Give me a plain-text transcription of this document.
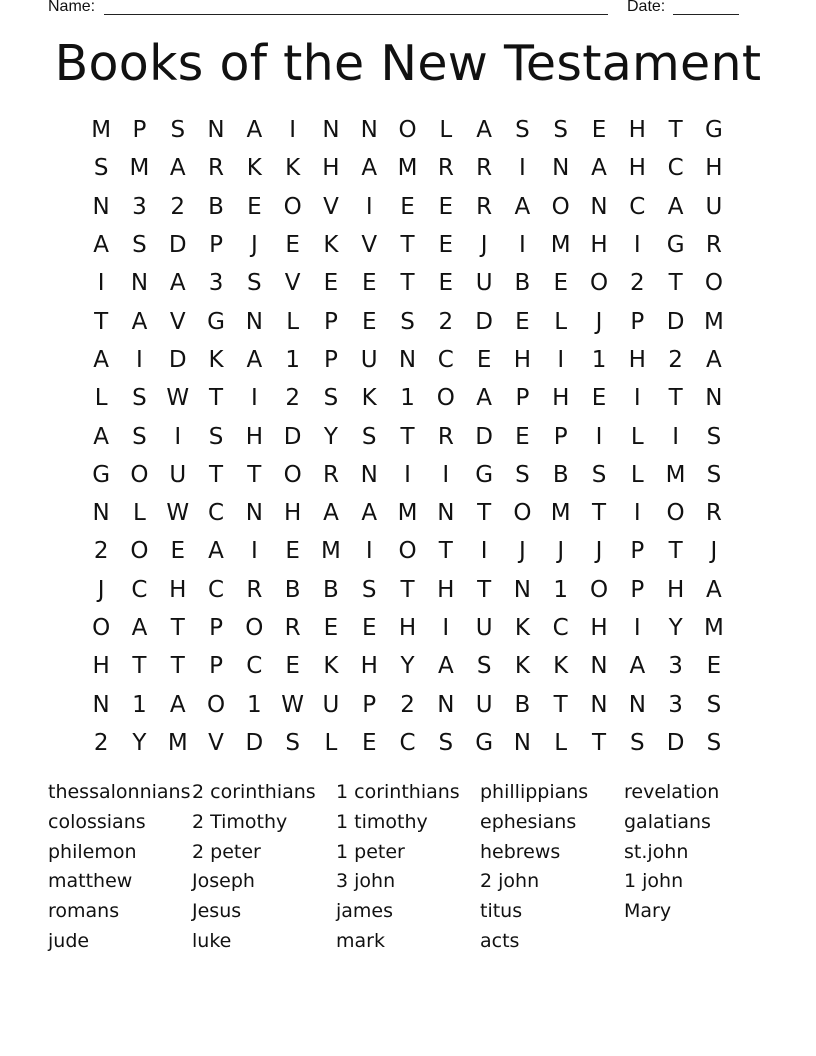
Name:	Date:
Books of the New Testament
M P	S N A	I	N N O L	A	S	S	E H T G
S M A R K	K H A M R R	I	N A H C H
N 3	2	B	E O V	I	E	E	R A O N C A U
A	S D P	J	E	K V	T	E	J	I	M H	I	G R
I	N A	3	S	V	E	E	T	E U B	E O 2	T O
T	A V G N	L	P	E	S	2 D E	L	J	P D M
A	I	D K A	1	P U N C	E H	I	1 H 2	A
L	S W T	I	2	S	K	1 O A	P H E	I	T N
A	S	I	S H D Y	S	T	R D E	P	I	L	I	S
G O U T	T O R N	I	I	G S	B	S	L M S
N	L W C N H A A M N T O M T	I	O R
2 O E	A	I	E M	I	O T	I	J	J	J	P	T	J
J	C H C R B B	S	T H T N 1 O P H A
O A	T	P O R	E	E H	I	U K C H	I	Y M
H T	T	P	C	E	K H Y	A	S	K	K N A	3	E
N 1	A O 1 W U P	2 N U B	T N N 3	S
2	Y M V D S	L	E C S G N	L	T	S D S
thessalonnians 2 corinthians	1 corinthians	phillippians	revelation
colossians	2 Timothy	1 timothy	ephesians	galatians
philemon	2 peter	1 peter	hebrews	st.john
matthew	Joseph	3 john	2 john	1 john
romans	Jesus	james	titus	Mary
jude	luke	mark	acts
